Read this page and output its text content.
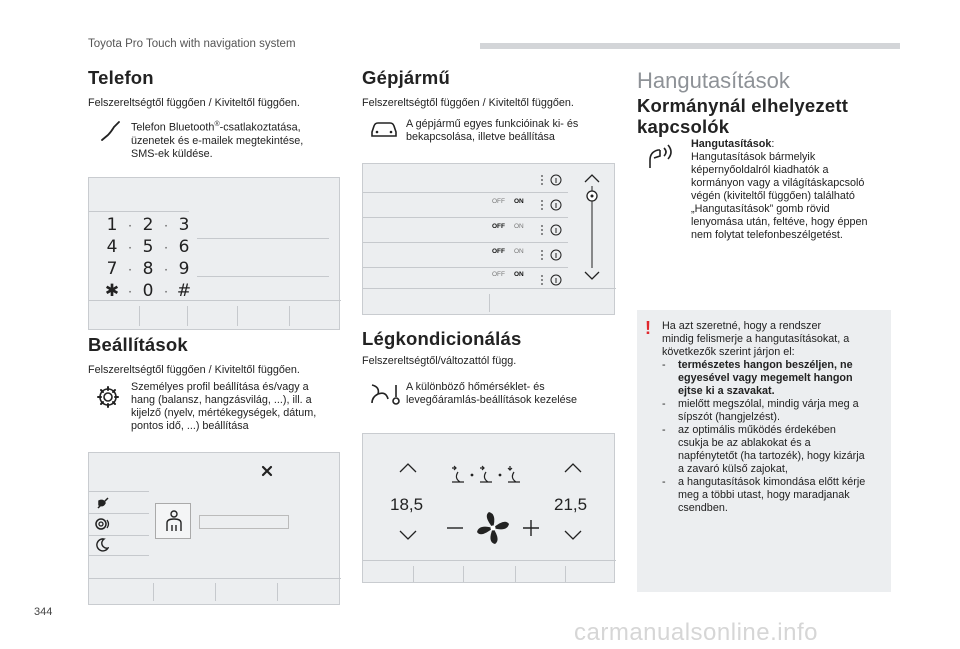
Toyota Pro Touch with navigation system
Telefon
Felszereltségtől függően / Kiviteltől függően.
Telefon Bluetooth®-csatlakoztatása,
üzenetek és e-mailek megtekintése,
SMS-ek küldése.
1 · 2 · 3
4 · 5 · 6
7 · 8 · 9
✱ · 0 · #
Beállítások
Felszereltségtől függően / Kiviteltől függően.
Személyes profil beállítása és/vagy a
hang (balansz, hangzásvilág, ...), ill. a
kijelző (nyelv, mértékegységek, dátum,
pontos idő, ...) beállítása
Gépjármű
Felszereltségtől függően / Kiviteltől függően.
A gépjármű egyes funkcióinak ki- és
bekapcsolása, illetve beállítása
OFF ON
OFF ON
OFF ON
OFF ON
Légkondicionálás
Felszereltségtől/változattól függ.
A különböző hőmérséklet- és
levegőáramlás-beállítások kezelése
18,5	21,5
Hangutasítások
Kormánynál elhelyezett
kapcsolók
Hangutasítások:
Hangutasítások bármelyik
képernyőoldalról kiadhatók a
kormányon vagy a világításkapcsoló
végén (kiviteltől függően) található
„Hangutasítások” gomb rövid
lenyomása után, feltéve, hogy éppen
nem folytat telefonbeszélgetést.
! Ha azt szeretné, hogy a rendszer
mindig felismerje a hangutasításokat, a
következők szerint járjon el:
- természetes hangon beszéljen, ne
egyesével vagy megemelt hangon
ejtse ki a szavakat.
- mielőtt megszólal, mindig várja meg a
sípszót (hangjelzést).
- az optimális működés érdekében
csukja be az ablakokat és a
napfénytetőt (ha tartozék), hogy kizárja
a zavaró külső zajokat,
- a hangutasítások kimondása előtt kérje
meg a többi utast, hogy maradjanak
csendben.
344
carmanualsonline.info
